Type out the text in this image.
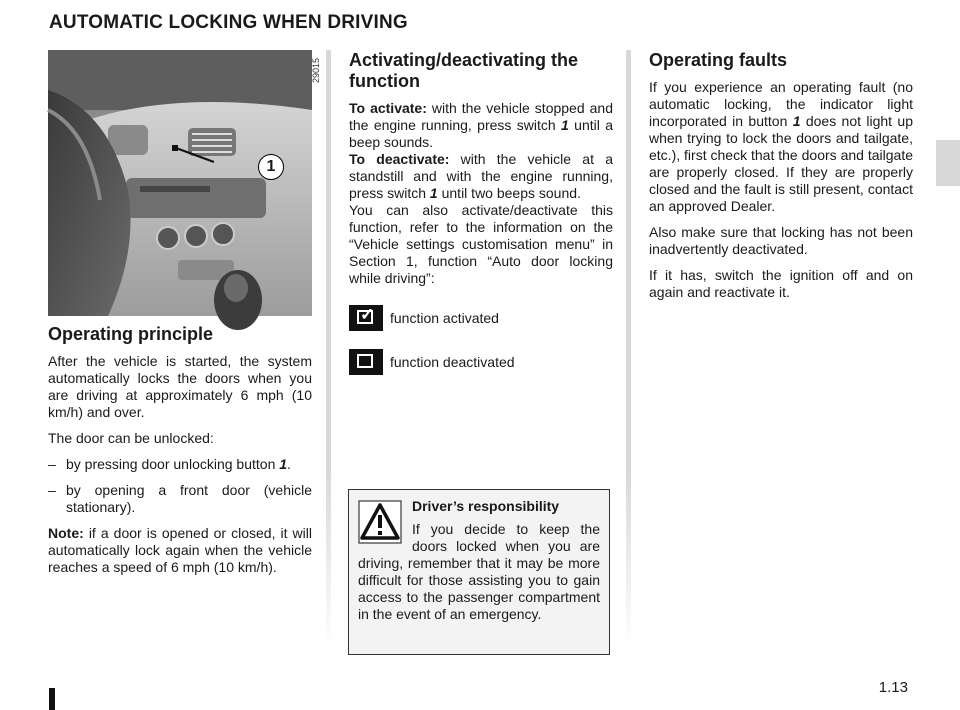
AUTOMATIC LOCKING WHEN DRIVING
29015
1
Operating principle

After the vehicle is started, the system automatically locks the doors when you are driving at approximately 6 mph (10 km/h) and over.

The door can be unlocked:

– by pressing door unlocking button 1.
– by opening a front door (vehicle stationary).

Note: if a door is opened or closed, it will automatically lock again when the vehicle reaches a speed of 6 mph (10 km/h).

Activating/deactivating the function

To activate: with the vehicle stopped and the engine running, press switch 1 until a beep sounds.

To deactivate: with the vehicle at a standstill and with the engine running, press switch 1 until two beeps sound.

You can also activate/deactivate this function, refer to the information on the “Vehicle settings customisation menu” in Section 1, function “Auto door locking while driving”:

✓
function activated
function deactivated
Driver’s responsibility

If you decide to keep the doors locked when you are driving, remember that it may be more difficult for those assisting you to gain access to the passenger compartment in the event of an emergency.

Operating faults

If you experience an operating fault (no automatic locking, the indicator light incorporated in button 1 does not light up when trying to lock the doors and tailgate, etc.), first check that the doors and tailgate are properly closed. If they are properly closed and the fault is still present, contact an approved Dealer.

Also make sure that locking has not been inadvertently deactivated.

If it has, switch the ignition off and on again and reactivate it.

1.13
